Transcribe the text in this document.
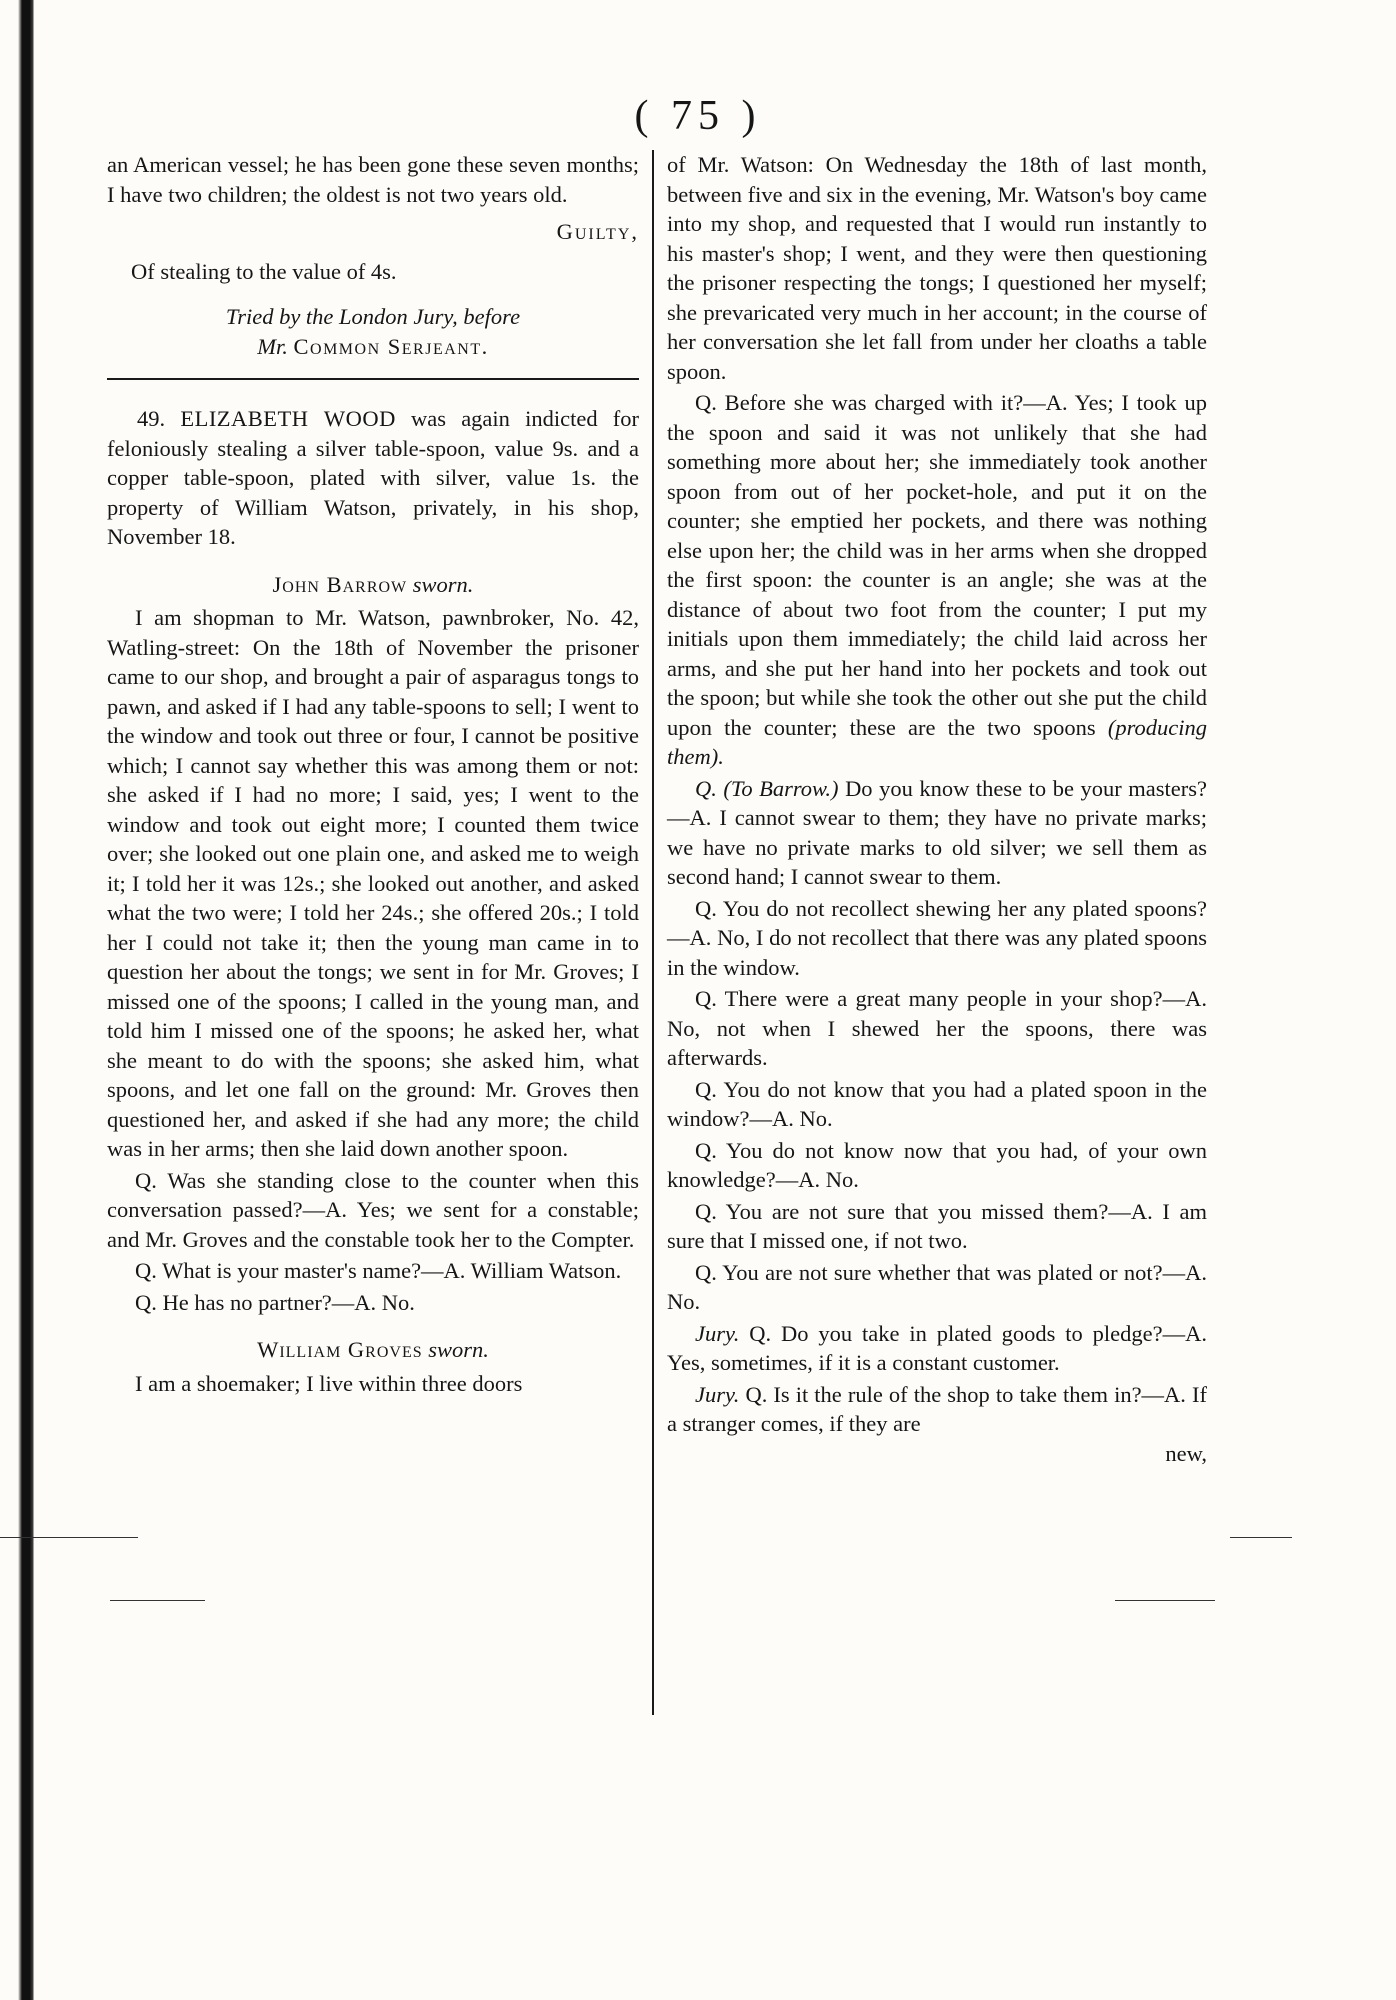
( 75 )

an American vessel; he has been gone these seven months; I have two children; the oldest is not two years old.

Guilty,

Of stealing to the value of 4s.

Tried by the London Jury, before
Mr. Common Serjeant.

49. ELIZABETH WOOD was again indicted for feloniously stealing a silver table-spoon, value 9s. and a copper table-spoon, plated with silver, value 1s. the property of William Watson, privately, in his shop, November 18.

John Barrow sworn.

I am shopman to Mr. Watson, pawnbroker, No. 42, Watling-street: On the 18th of November the prisoner came to our shop, and brought a pair of asparagus tongs to pawn, and asked if I had any table-spoons to sell; I went to the window and took out three or four, I cannot be positive which; I cannot say whether this was among them or not: she asked if I had no more; I said, yes; I went to the window and took out eight more; I counted them twice over; she looked out one plain one, and asked me to weigh it; I told her it was 12s.; she looked out another, and asked what the two were; I told her 24s.; she offered 20s.; I told her I could not take it; then the young man came in to question her about the tongs; we sent in for Mr. Groves; I missed one of the spoons; I called in the young man, and told him I missed one of the spoons; he asked her, what she meant to do with the spoons; she asked him, what spoons, and let one fall on the ground: Mr. Groves then questioned her, and asked if she had any more; the child was in her arms; then she laid down another spoon.

Q. Was she standing close to the counter when this conversation passed?—A. Yes; we sent for a constable; and Mr. Groves and the constable took her to the Compter.

Q. What is your master's name?—A. William Watson.

Q. He has no partner?—A. No.

William Groves sworn.

I am a shoemaker; I live within three doors

of Mr. Watson: On Wednesday the 18th of last month, between five and six in the evening, Mr. Watson's boy came into my shop, and requested that I would run instantly to his master's shop; I went, and they were then questioning the prisoner respecting the tongs; I questioned her myself; she prevaricated very much in her account; in the course of her conversation she let fall from under her cloaths a table spoon.

Q. Before she was charged with it?—A. Yes; I took up the spoon and said it was not unlikely that she had something more about her; she immediately took another spoon from out of her pocket-hole, and put it on the counter; she emptied her pockets, and there was nothing else upon her; the child was in her arms when she dropped the first spoon: the counter is an angle; she was at the distance of about two foot from the counter; I put my initials upon them immediately; the child laid across her arms, and she put her hand into her pockets and took out the spoon; but while she took the other out she put the child upon the counter; these are the two spoons (producing them).

Q. (To Barrow.) Do you know these to be your masters?—A. I cannot swear to them; they have no private marks; we have no private marks to old silver; we sell them as second hand; I cannot swear to them.

Q. You do not recollect shewing her any plated spoons?—A. No, I do not recollect that there was any plated spoons in the window.

Q. There were a great many people in your shop?—A. No, not when I shewed her the spoons, there was afterwards.

Q. You do not know that you had a plated spoon in the window?—A. No.

Q. You do not know now that you had, of your own knowledge?—A. No.

Q. You are not sure that you missed them?—A. I am sure that I missed one, if not two.

Q. You are not sure whether that was plated or not?—A. No.

Jury. Q. Do you take in plated goods to pledge?—A. Yes, sometimes, if it is a constant customer.

Jury. Q. Is it the rule of the shop to take them in?—A. If a stranger comes, if they are

new,
